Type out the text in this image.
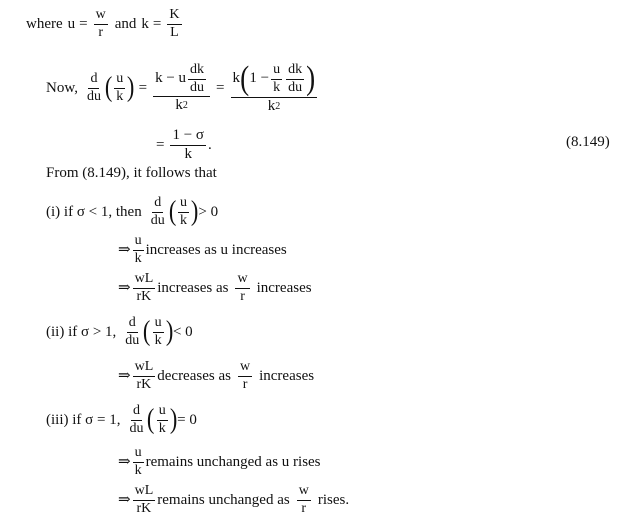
where $u = \frac{w}{r}$ and $k = \frac{K}{L}$
Now, $\frac{d}{du}$ ( $\frac{u}{k}$ ) = $\frac{k - u \frac{dk}{du}}{k 2}$ =
k ( $1 - \frac{u}{k} \frac{dk}{du}$ )
k 2
= $\frac{1 - \sigma}{k}$ .	(8.149)
From (8.149), it follows that
(i) if σ < 1, then $\frac{d}{du}$ ( $\frac{u}{k}$ ) > 0
⇒ $\frac{u}{k}$ increases as u increases
⇒ $\frac{wL}{rK}$ increases as $\frac{w}{r}$ increases
(ii) if σ > 1, $\frac{d}{du}$ ( $\frac{u}{k}$ ) < 0
⇒ $\frac{wL}{rK}$ decreases as $\frac{w}{r}$ increases
(iii) if σ = 1, $\frac{d}{du}$ ( $\frac{u}{k}$ ) = 0
⇒ $\frac{u}{k}$ remains unchanged as u rises
⇒ $\frac{wL}{rK}$ remains unchanged as $\frac{w}{r}$ rises.
